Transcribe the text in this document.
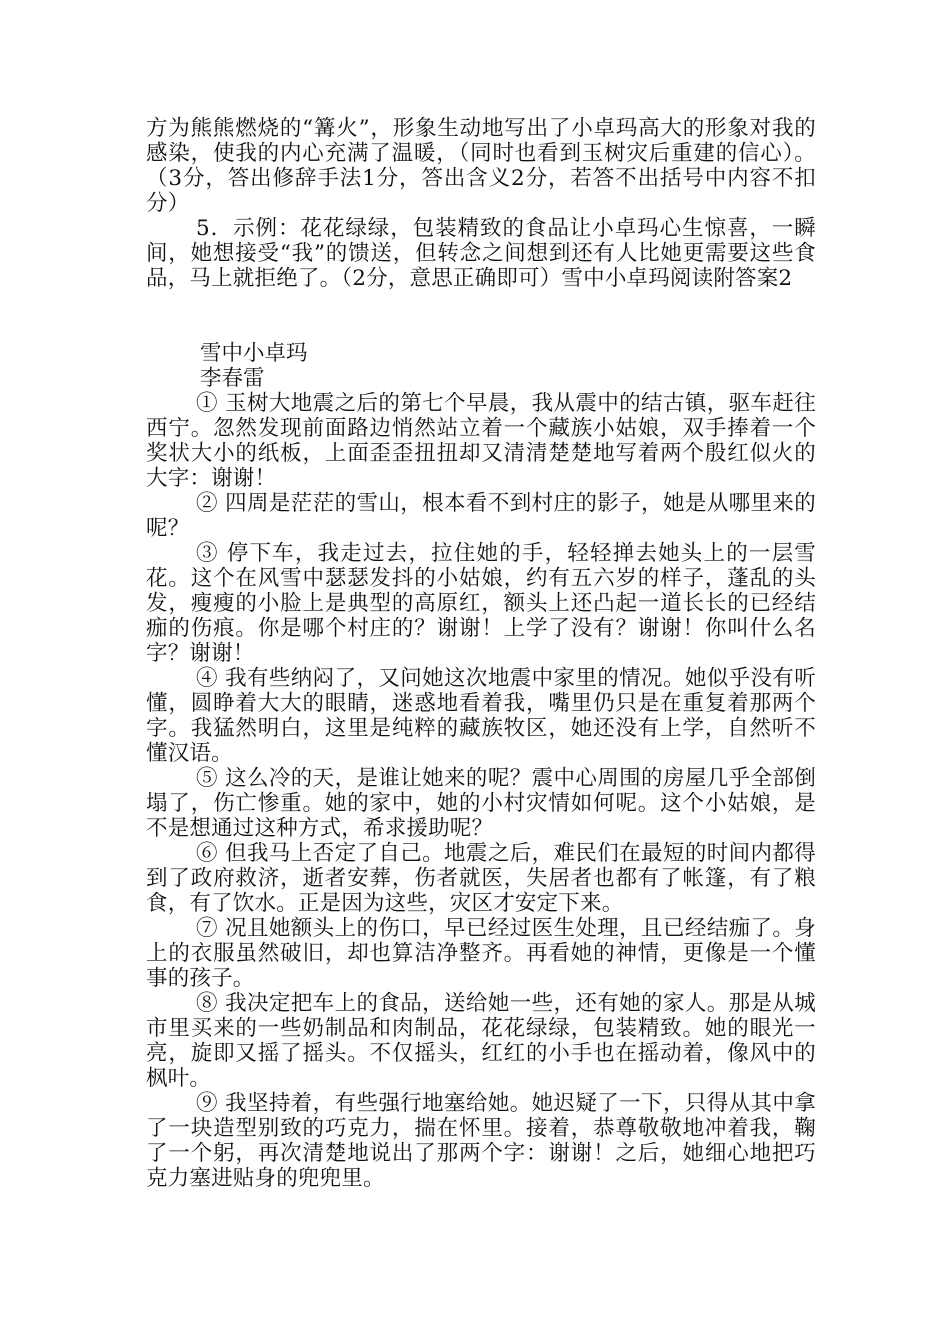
方为熊熊燃烧的“篝火”，形象生动地写出了小卓玛高大的形象对我的感染，使我的内心充满了温暖，（同时也看到玉树灾后重建的信心）。（3分，答出修辞手法1分，答出含义2分，若答不出括号中内容不扣分）

5．示例：花花绿绿，包装精致的食品让小卓玛心生惊喜，一瞬间，她想接受“我”的馈送，但转念之间想到还有人比她更需要这些食品，马上就拒绝了。（2分，意思正确即可）雪中小卓玛阅读附答案2

雪中小卓玛

李春雷

① 玉树大地震之后的第七个早晨，我从震中的结古镇，驱车赶往西宁。忽然发现前面路边悄然站立着一个藏族小姑娘，双手捧着一个奖状大小的纸板，上面歪歪扭扭却又清清楚楚地写着两个殷红似火的大字：谢谢！

② 四周是茫茫的雪山，根本看不到村庄的影子，她是从哪里来的呢？

③ 停下车，我走过去，拉住她的手，轻轻掸去她头上的一层雪花。这个在风雪中瑟瑟发抖的小姑娘，约有五六岁的样子，蓬乱的头发，瘦瘦的小脸上是典型的高原红，额头上还凸起一道长长的已经结痂的伤痕。你是哪个村庄的？谢谢！上学了没有？谢谢！你叫什么名字？谢谢！

④ 我有些纳闷了，又问她这次地震中家里的情况。她似乎没有听懂，圆睁着大大的眼睛，迷惑地看着我，嘴里仍只是在重复着那两个字。我猛然明白，这里是纯粹的藏族牧区，她还没有上学，自然听不懂汉语。

⑤ 这么冷的天，是谁让她来的呢？震中心周围的房屋几乎全部倒塌了，伤亡惨重。她的家中，她的小村灾情如何呢。这个小姑娘，是不是想通过这种方式，希求援助呢？

⑥ 但我马上否定了自己。地震之后，难民们在最短的时间内都得到了政府救济，逝者安葬，伤者就医，失居者也都有了帐篷，有了粮食，有了饮水。正是因为这些，灾区才安定下来。

⑦ 况且她额头上的伤口，早已经过医生处理，且已经结痂了。身上的衣服虽然破旧，却也算洁净整齐。再看她的神情，更像是一个懂事的孩子。

⑧ 我决定把车上的食品，送给她一些，还有她的家人。那是从城市里买来的一些奶制品和肉制品，花花绿绿，包装精致。她的眼光一亮，旋即又摇了摇头。不仅摇头，红红的小手也在摇动着，像风中的枫叶。

⑨ 我坚持着，有些强行地塞给她。她迟疑了一下，只得从其中拿了一块造型别致的巧克力，揣在怀里。接着，恭尊敬敬地冲着我，鞠了一个躬，再次清楚地说出了那两个字：谢谢！之后，她细心地把巧克力塞进贴身的兜兜里。
